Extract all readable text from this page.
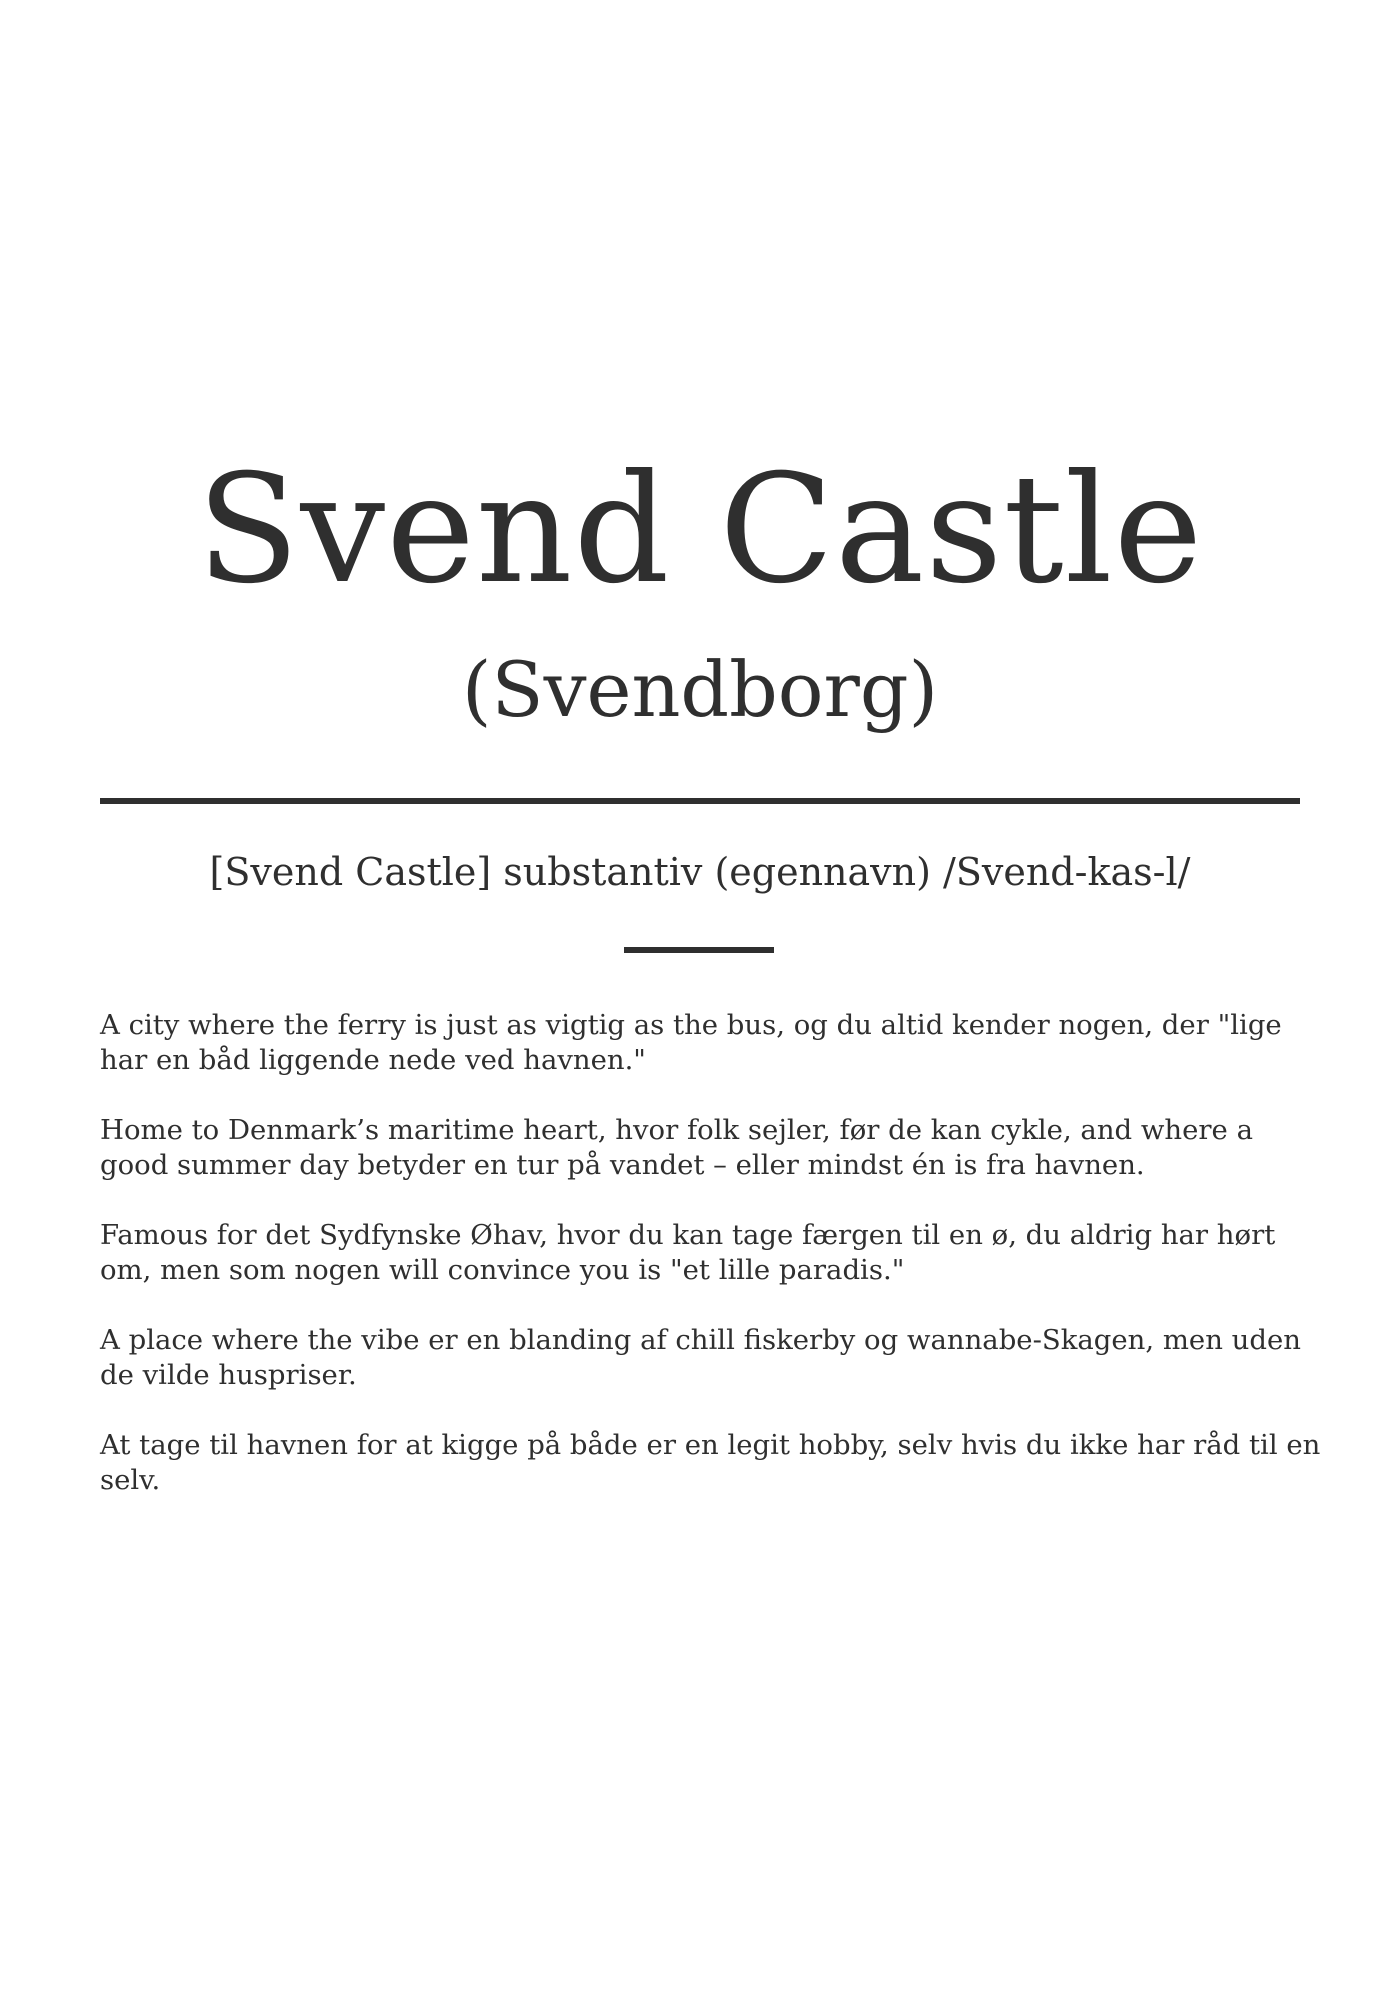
Svend Castle
(Svendborg)
[Svend Castle] substantiv (egennavn) /Svend-kas-l/

A city where the ferry is just as vigtig as the bus, og du altid kender nogen, der "lige har en båd liggende nede ved havnen."

Home to Denmark’s maritime heart, hvor folk sejler, før de kan cykle, and where a good summer day betyder en tur på vandet – eller mindst én is fra havnen.

Famous for det Sydfynske Øhav, hvor du kan tage færgen til en ø, du aldrig har hørt om, men som nogen will convince you is "et lille paradis."

A place where the vibe er en blanding af chill fiskerby og wannabe-Skagen, men uden de vilde huspriser.

At tage til havnen for at kigge på både er en legit hobby, selv hvis du ikke har råd til en selv.
